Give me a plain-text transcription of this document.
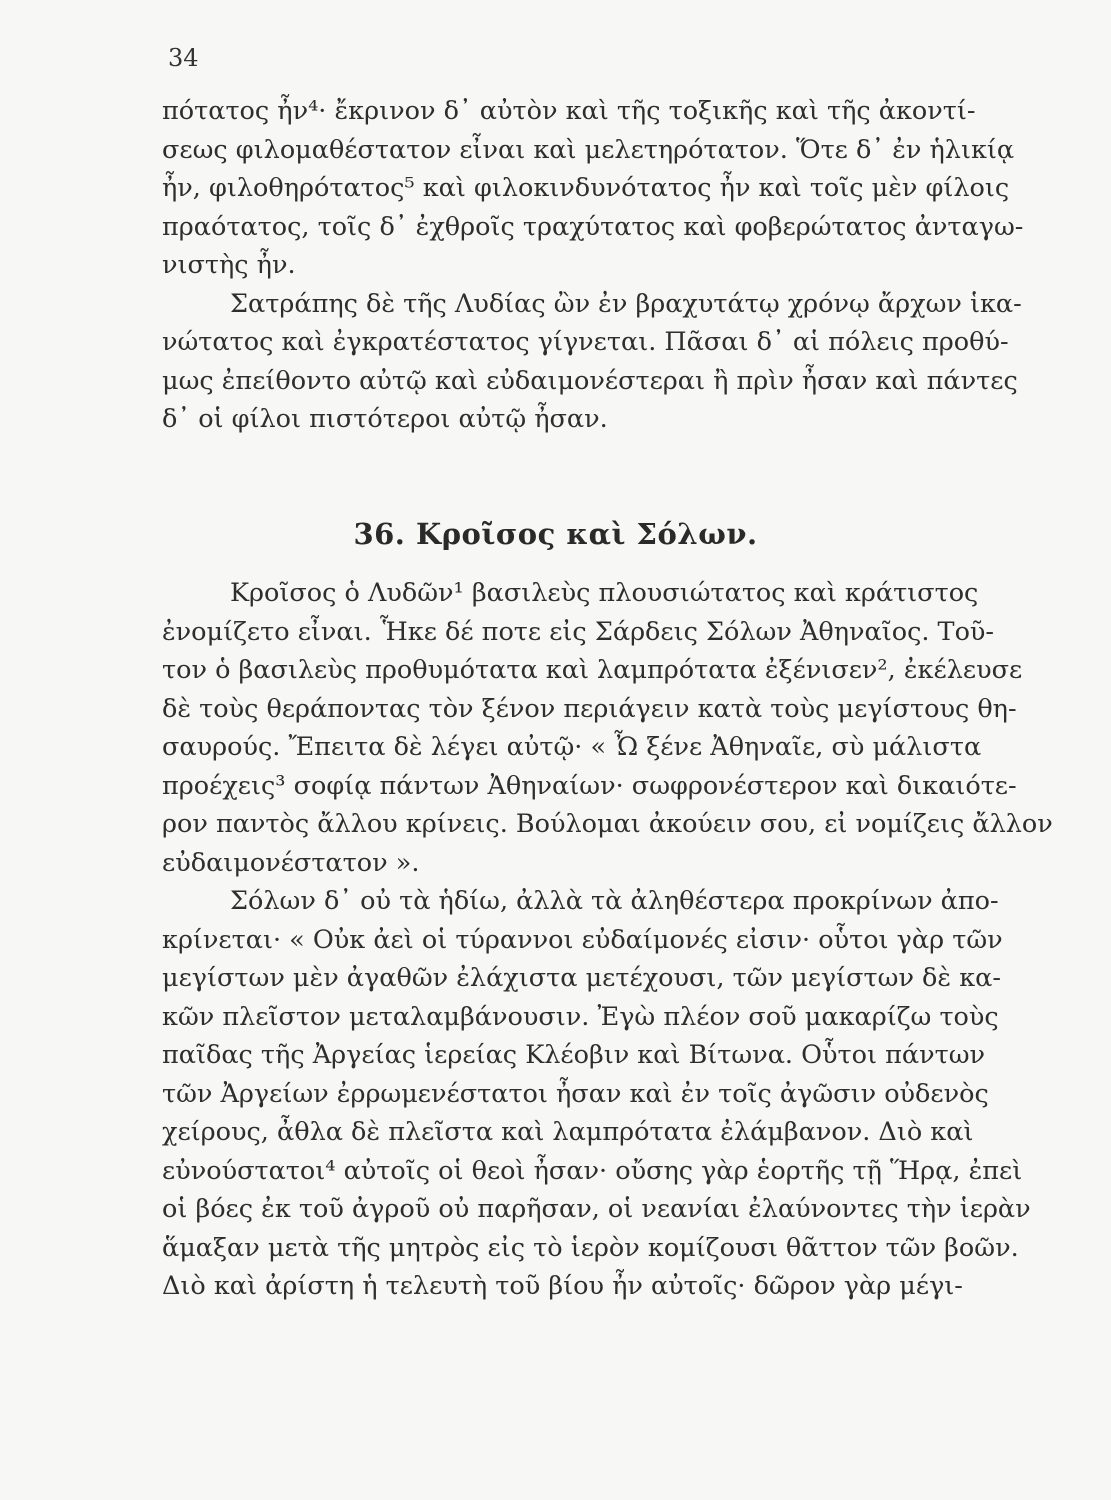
34
πότατος ἦν⁴· ἔκρινον δ᾽ αὐτὸν καὶ τῆς τοξικῆς καὶ τῆς ἀκοντί-
σεως φιλομαθέστατον εἶναι καὶ μελετηρότατον. Ὅτε δ᾽ ἐν ἡλικίᾳ
ἦν, φιλοθηρότατος⁵ καὶ φιλοκινδυνότατος ἦν καὶ τοῖς μὲν φίλοις
πραότατος, τοῖς δ᾽ ἐχθροῖς τραχύτατος καὶ φοβερώτατος ἀνταγω-
νιστὴς ἦν.
Σατράπης δὲ τῆς Λυδίας ὢν ἐν βραχυτάτῳ χρόνῳ ἄρχων ἱκα-
νώτατος καὶ ἐγκρατέστατος γίγνεται. Πᾶσαι δ᾽ αἱ πόλεις προθύ-
μως ἐπείθοντο αὐτῷ καὶ εὐδαιμονέστεραι ἢ πρὶν ἦσαν καὶ πάντες
δ᾽ οἱ φίλοι πιστότεροι αὐτῷ ἦσαν.
36. Κροῖσος καὶ Σόλων.
Κροῖσος ὁ Λυδῶν¹ βασιλεὺς πλουσιώτατος καὶ κράτιστος
ἐνομίζετο εἶναι. Ἧκε δέ ποτε εἰς Σάρδεις Σόλων Ἀθηναῖος. Τοῦ-
τον ὁ βασιλεὺς προθυμότατα καὶ λαμπρότατα ἐξένισεν², ἐκέλευσε
δὲ τοὺς θεράποντας τὸν ξένον περιάγειν κατὰ τοὺς μεγίστους θη-
σαυρούς. Ἔπειτα δὲ λέγει αὐτῷ· « Ὦ ξένε Ἀθηναῖε, σὺ μάλιστα
προέχεις³ σοφίᾳ πάντων Ἀθηναίων· σωφρονέστερον καὶ δικαιότε-
ρον παντὸς ἄλλου κρίνεις. Βούλομαι ἀκούειν σου, εἰ νομίζεις ἄλλον
εὐδαιμονέστατον ».
Σόλων δ᾽ οὐ τὰ ἡδίω, ἀλλὰ τὰ ἀληθέστερα προκρίνων ἀπο-
κρίνεται· « Οὐκ ἀεὶ οἱ τύραννοι εὐδαίμονές εἰσιν· οὗτοι γὰρ τῶν
μεγίστων μὲν ἀγαθῶν ἐλάχιστα μετέχουσι, τῶν μεγίστων δὲ κα-
κῶν πλεῖστον μεταλαμβάνουσιν. Ἐγὼ πλέον σοῦ μακαρίζω τοὺς
παῖδας τῆς Ἀργείας ἱερείας Κλέοβιν καὶ Βίτωνα. Οὗτοι πάντων
τῶν Ἀργείων ἐρρωμενέστατοι ἦσαν καὶ ἐν τοῖς ἀγῶσιν οὐδενὸς
χείρους, ἆθλα δὲ πλεῖστα καὶ λαμπρότατα ἐλάμβανον. Διὸ καὶ
εὐνούστατοι⁴ αὐτοῖς οἱ θεοὶ ἦσαν· οὔσης γὰρ ἑορτῆς τῇ Ἥρᾳ, ἐπεὶ
οἱ βόες ἐκ τοῦ ἀγροῦ οὐ παρῆσαν, οἱ νεανίαι ἐλαύνοντες τὴν ἱερὰν
ἅμαξαν μετὰ τῆς μητρὸς εἰς τὸ ἱερὸν κομίζουσι θᾶττον τῶν βοῶν.
Διὸ καὶ ἀρίστη ἡ τελευτὴ τοῦ βίου ἦν αὐτοῖς· δῶρον γὰρ μέγι-
